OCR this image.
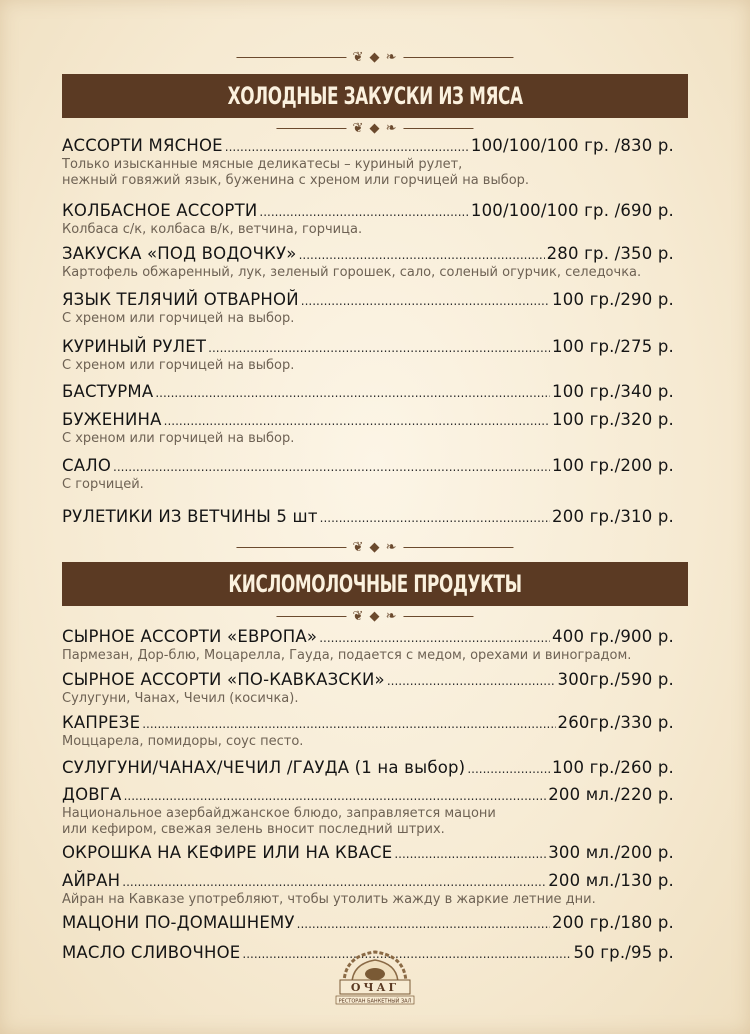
❦ ◆ ❧
ХОЛОДНЫЕ ЗАКУСКИ ИЗ МЯСА
❦ ◆ ❧
АССОРТИ МЯСНОЕ .....	100/100/100 гр. /830 р.
Только изысканные мясные деликатесы – куриный рулет,
нежный говяжий язык, буженина с хреном или горчицей на выбор.
КОЛБАСНОЕ АССОРТИ .....	100/100/100 гр. /690 р.
Колбаса с/к, колбаса в/к, ветчина, горчица.
ЗАКУСКА «ПОД ВОДОЧКУ» .....	280 гр. /350 р.
Картофель обжаренный, лук, зеленый горошек, сало, соленый огурчик, селедочка.
ЯЗЫК ТЕЛЯЧИЙ ОТВАРНОЙ .....	100 гр./290 р.
С хреном или горчицей на выбор.
КУРИНЫЙ РУЛЕТ .....	100 гр./275 р.
С хреном или горчицей на выбор.
БАСТУРМА .....	100 гр./340 р.
БУЖЕНИНА .....	100 гр./320 р.
С хреном или горчицей на выбор.
САЛО .....	100 гр./200 р.
С горчицей.
РУЛЕТИКИ ИЗ ВЕТЧИНЫ 5 шт .....	200 гр./310 р.
❦ ◆ ❧
КИСЛОМОЛОЧНЫЕ ПРОДУКТЫ
❦ ◆ ❧
СЫРНОЕ АССОРТИ «ЕВРОПА» .....	400 гр./900 р.
Пармезан, Дор-блю, Моцарелла, Гауда, подается с медом, орехами и виноградом.
СЫРНОЕ АССОРТИ «ПО-КАВКАЗСКИ» .....	300гр./590 р.
Сулугуни, Чанах, Чечил (косичка).
КАПРЕЗЕ .....	260гр./330 р.
Моццарела, помидоры, соус песто.
СУЛУГУНИ/ЧАНАХ/ЧЕЧИЛ /ГАУДА (1 на выбор) .....	100 гр./260 р.
ДОВГА .....	200 мл./220 р.
Национальное азербайджанское блюдо, заправляется мацони
или кефиром, свежая зелень вносит последний штрих.
ОКРОШКА НА КЕФИРЕ ИЛИ НА КВАСЕ .....	300 мл./200 р.
АЙРАН .....	200 мл./130 р.
Айран на Кавказе употребляют, чтобы утолить жажду в жаркие летние дни.
МАЦОНИ ПО-ДОМАШНЕМУ .....	200 гр./180 р.
МАСЛО СЛИВОЧНОЕ .....	50 гр./95 р.
ОЧАГ
РЕСТОРАН БАНКЕТНЫЙ ЗАЛ
